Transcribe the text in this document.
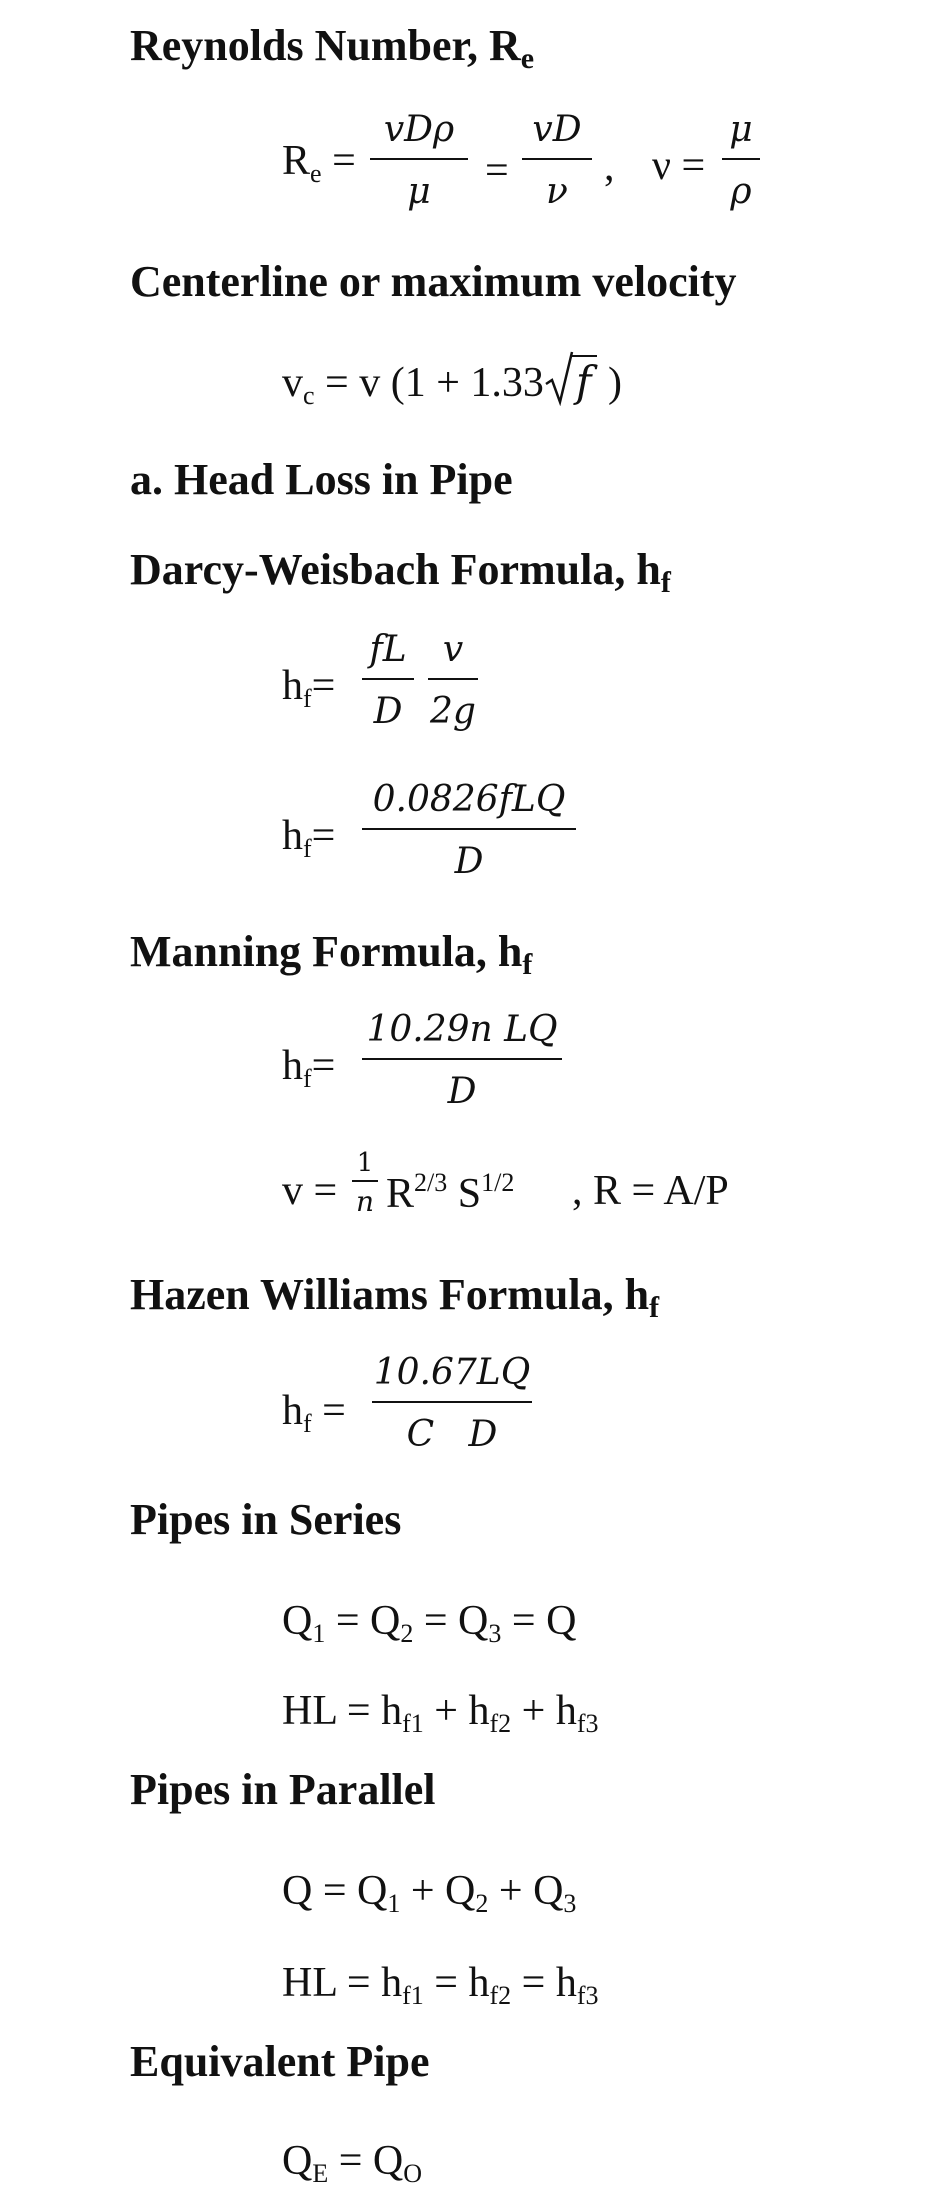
Reynolds Number, $R_e$
$R_e$ =
vDρ
μ	=
vD
ν
, ν =
μ
ρ
Centerline or maximum velocity
$v_c = v$ (1 + 1.33 f )
a. Head Loss in Pipe
Darcy-Weisbach Formula, $h_f$
$h_f=$
fL
D
v
2g
$h_f=$
0.0826fLQ
D
Manning Formula, $h_f$
$h_f=$
10.29n LQ
D
v =
1
n $R^{2/3}$ $S^{1/2}$ , R = A/P
Hazen Williams Formula, $h_f$
$h_f$ =
10.67LQ
C   D
Pipes in Series
$Q_1 = Q_2 = Q_3 = Q$
HL = $h_{f1} + h_{f2} + h_{f3}$
Pipes in Parallel
$Q = Q_1 + Q_2 + Q_3$
HL = $h_{f1} = h_{f2} = h_{f3}$
Equivalent Pipe
$Q_E = Q_O$
